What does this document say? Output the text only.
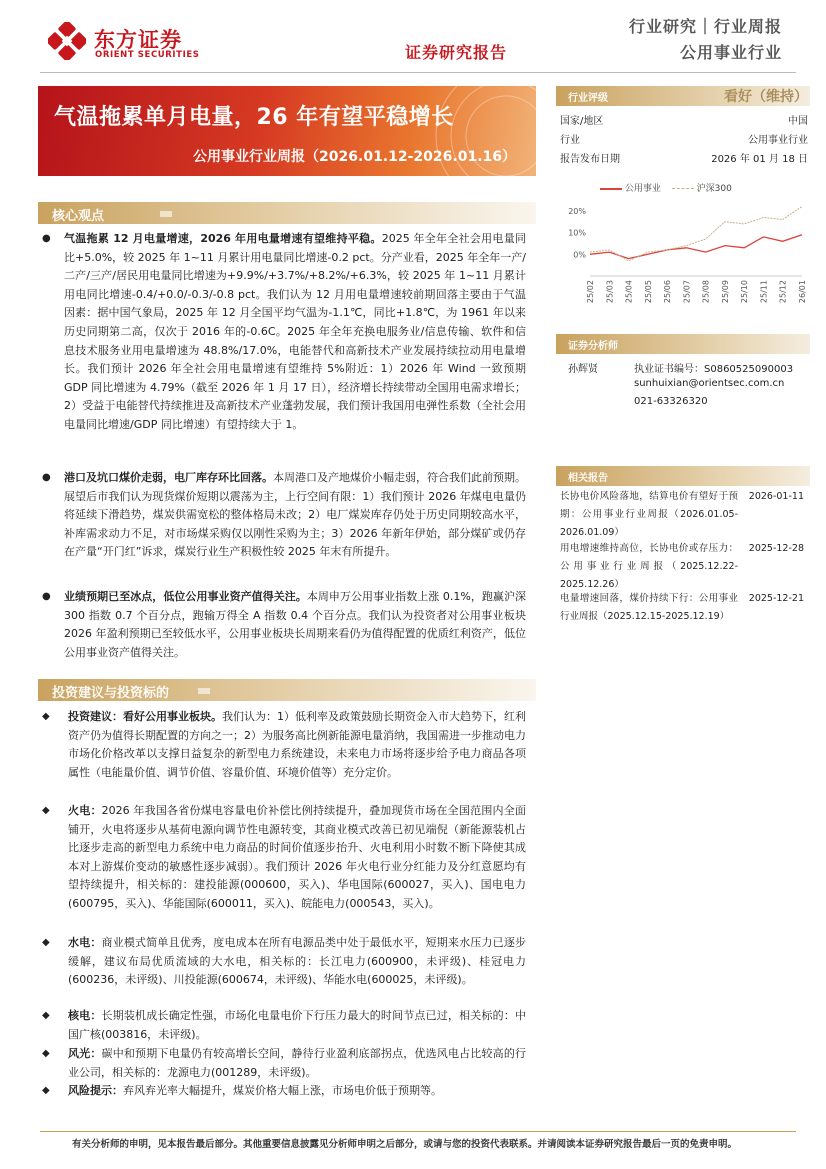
东方证券
ORIENT SECURITIES	证券研究报告
行业研究｜行业周报
公用事业行业
气温拖累单月电量，26 年有望平稳增长
公用事业行业周报（2026.01.12-2026.01.16）
行业评级	看好（维持）
国家/地区	中国
行业	公用事业行业
报告发布日期	2026 年 01 月 18 日
公用事业	沪深300
20%
10%
0%
25/02 25/03 25/04 25/05 25/06 25/07 25/08 25/09 25/10 25/11 25/12 26/01
证券分析师
孙辉贤	执业证书编号：S0860525090003
sunhuixian@orientsec.com.cn
021-63326320
相关报告
长协电价风险落地，结算电价有望好于预期：公用事业行业周报（2026.01.05-2026.01.09）
2026-01-11
用电增速维持高位，长协电价或存压力：公用事业行业周报（2025.12.22-2025.12.26）
2025-12-28
电量增速回落，煤价持续下行：公用事业行业周报（2025.12.15-2025.12.19）
2025-12-21
核心观点
● 气温拖累 12 月电量增速，2026 年用电量增速有望维持平稳。2025 年全年全社会用电量同比+5.0%，较 2025 年 1~11 月累计用电量同比增速-0.2 pct。分产业看，2025 年全年一产/二产/三产/居民用电量同比增速为+9.9%/+3.7%/+8.2%/+6.3%，较 2025 年 1~11 月累计用电同比增速-0.4/+0.0/-0.3/-0.8 pct。我们认为 12 月用电量增速较前期回落主要由于气温因素：据中国气象局，2025 年 12 月全国平均气温为-1.1℃，同比+1.8℃，为 1961 年以来历史同期第二高，仅次于 2016 年的-0.6C。2025 年全年充换电服务业/信息传输、软件和信息技术服务业用电量增速为 48.8%/17.0%，电能替代和高新技术产业发展持续拉动用电量增长。我们预计 2026 年全社会用电量增速有望维持 5%附近：1）2026 年 Wind 一致预期 GDP 同比增速为 4.79%（截至 2026 年 1 月 17 日），经济增长持续带动全国用电需求增长；2）受益于电能替代持续推进及高新技术产业蓬勃发展，我们预计我国用电弹性系数（全社会用电量同比增速/GDP 同比增速）有望持续大于 1。
● 港口及坑口煤价走弱，电厂库存环比回落。本周港口及产地煤价小幅走弱，符合我们此前预期。展望后市我们认为现货煤价短期以震荡为主，上行空间有限：1）我们预计 2026 年煤电电量仍将延续下滑趋势，煤炭供需宽松的整体格局未改；2）电厂煤炭库存仍处于历史同期较高水平，补库需求动力不足，对市场煤采购仅以刚性采购为主；3）2026 年新年伊始，部分煤矿或仍存在产量“开门红”诉求，煤炭行业生产积极性较 2025 年末有所提升。
● 业绩预期已至冰点，低位公用事业资产值得关注。本周申万公用事业指数上涨 0.1%，跑赢沪深 300 指数 0.7 个百分点，跑输万得全 A 指数 0.4 个百分点。我们认为投资者对公用事业板块 2026 年盈利预期已至较低水平，公用事业板块长周期来看仍为值得配置的优质红利资产，低位公用事业资产值得关注。
投资建议与投资标的
◆ 投资建议：看好公用事业板块。我们认为：1）低利率及政策鼓励长期资金入市大趋势下，红利资产仍为值得长期配置的方向之一；2）为服务高比例新能源电量消纳，我国需进一步推动电力市场化价格改革以支撑日益复杂的新型电力系统建设，未来电力市场将逐步给予电力商品各项属性（电能量价值、调节价值、容量价值、环境价值等）充分定价。
◆ 火电：2026 年我国各省份煤电容量电价补偿比例持续提升，叠加现货市场在全国范围内全面铺开，火电将逐步从基荷电源向调节性电源转变，其商业模式改善已初见端倪（新能源装机占比逐步走高的新型电力系统中电力商品的时间价值逐步抬升、火电利用小时数不断下降使其成本对上游煤价变动的敏感性逐步减弱）。我们预计 2026 年火电行业分红能力及分红意愿均有望持续提升，相关标的：建投能源(000600，买入)、华电国际(600027，买入)、国电电力(600795，买入)、华能国际(600011，买入)、皖能电力(000543，买入)。
◆ 水电：商业模式简单且优秀，度电成本在所有电源品类中处于最低水平，短期来水压力已逐步缓解，建议布局优质流域的大水电，相关标的：长江电力(600900，未评级)、桂冠电力(600236，未评级)、川投能源(600674，未评级)、华能水电(600025，未评级)。
◆ 核电：长期装机成长确定性强，市场化电量电价下行压力最大的时间节点已过，相关标的：中国广核(003816，未评级)。
◆ 风光：碳中和预期下电量仍有较高增长空间，静待行业盈利底部拐点，优选风电占比较高的行业公司，相关标的：龙源电力(001289，未评级)。
◆ 风险提示：弃风弃光率大幅提升，煤炭价格大幅上涨，市场电价低于预期等。
有关分析师的申明，见本报告最后部分。其他重要信息披露见分析师申明之后部分，或请与您的投资代表联系。并请阅读本证券研究报告最后一页的免责申明。
